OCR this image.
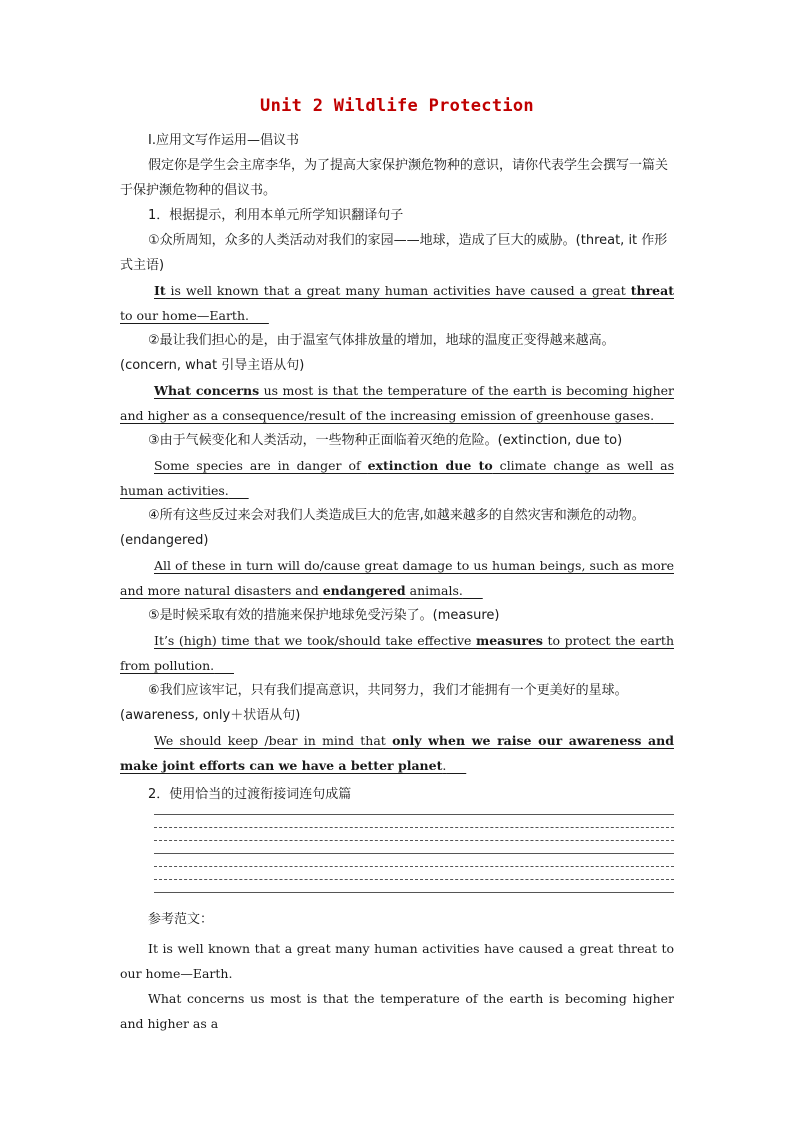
Unit 2 Wildlife Protection

Ⅰ.应用文写作运用—倡议书

假定你是学生会主席李华，为了提高大家保护濒危物种的意识，请你代表学生会撰写一篇关于保护濒危物种的倡议书。

1．根据提示，利用本单元所学知识翻译句子

①众所周知，众多的人类活动对我们的家园——地球，造成了巨大的威胁。(threat, it 作形式主语)

It is well known that a great many human activities have caused a great threat to our home—Earth.

②最让我们担心的是，由于温室气体排放量的增加，地球的温度正变得越来越高。(concern, what 引导主语从句)

What concerns us most is that the temperature of the earth is becoming higher and higher as a consequence/result of the increasing emission of greenhouse gases.

③由于气候变化和人类活动，一些物种正面临着灭绝的危险。(extinction, due to)

Some species are in danger of extinction due to climate change as well as human activities.

④所有这些反过来会对我们人类造成巨大的危害,如越来越多的自然灾害和濒危的动物。(endangered)

All of these in turn will do/cause great damage to us human beings, such as more and more natural disasters and endangered animals.

⑤是时候采取有效的措施来保护地球免受污染了。(measure)

It’s (high) time that we took/should take effective measures to protect the earth from pollution.

⑥我们应该牢记，只有我们提高意识，共同努力，我们才能拥有一个更美好的星球。(awareness, only＋状语从句)

We should keep /bear in mind that only when we raise our awareness and make joint efforts can we have a better planet.

2．使用恰当的过渡衔接词连句成篇

参考范文：

It is well known that a great many human activities have caused a great threat to our home—Earth.

What concerns us most is that the temperature of the earth is becoming higher and higher as a
